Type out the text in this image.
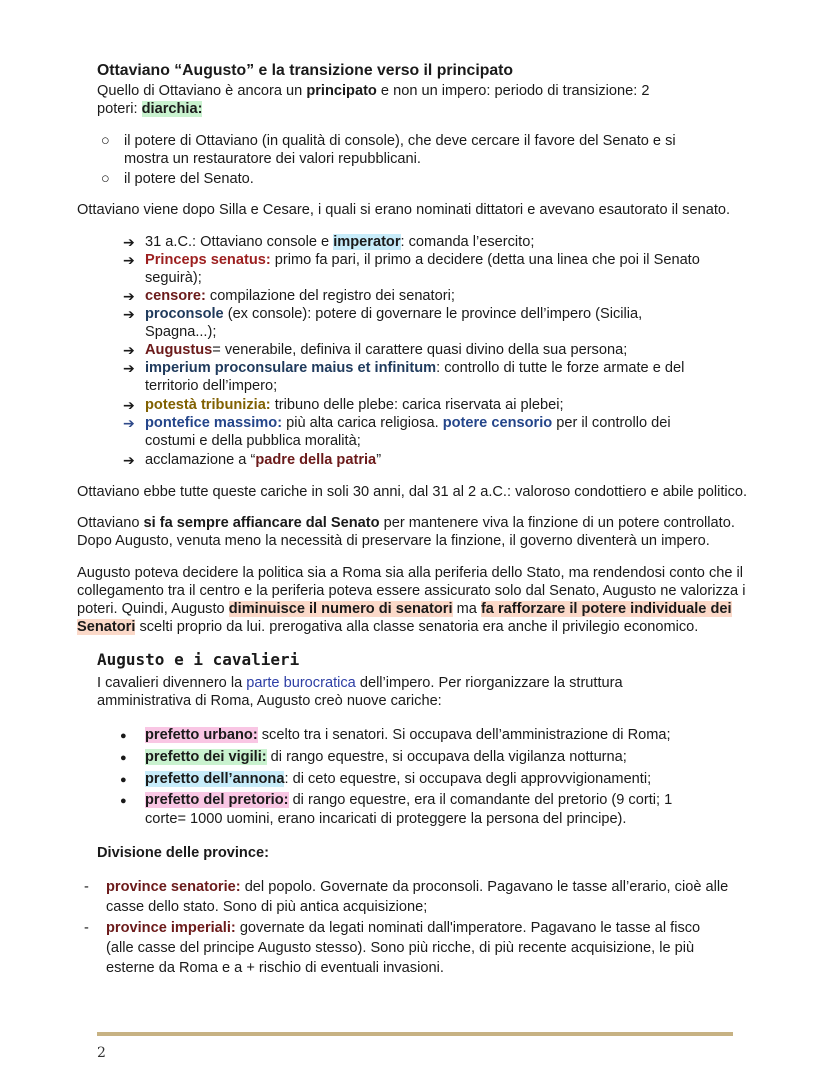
Ottaviano “Augusto” e la transizione verso il principato
Quello di Ottaviano è ancora un principato e non un impero: periodo di transizione: 2
poteri: diarchia:
○ il potere di Ottaviano (in qualità di console), che deve cercare il favore del Senato e si
mostra un restauratore dei valori repubblicani.
○ il potere del Senato.
Ottaviano viene dopo Silla e Cesare, i quali si erano nominati dittatori e avevano esautorato il senato.
➔ 31 a.C.: Ottaviano console e imperator: comanda l’esercito;
➔ Princeps senatus: primo fa pari, il primo a decidere (detta una linea che poi il Senato
seguirà);
➔ censore: compilazione del registro dei senatori;
➔ proconsole (ex console): potere di governare le province dell’impero (Sicilia,
Spagna...);
➔ Augustus= venerabile, definiva il carattere quasi divino della sua persona;
➔ imperium proconsulare maius et infinitum: controllo di tutte le forze armate e del
territorio dell’impero;
➔ potestà tribunizia: tribuno delle plebe: carica riservata ai plebei;
➔ pontefice massimo: più alta carica religiosa. potere censorio per il controllo dei
costumi e della pubblica moralità;
➔ acclamazione a “padre della patria”
Ottaviano ebbe tutte queste cariche in soli 30 anni, dal 31 al 2 a.C.: valoroso condottiero e abile politico.
Ottaviano si fa sempre affiancare dal Senato per mantenere viva la finzione di un potere controllato.
Dopo Augusto, venuta meno la necessità di preservare la finzione, il governo diventerà un impero.
Augusto poteva decidere la politica sia a Roma sia alla periferia dello Stato, ma rendendosi conto che il
collegamento tra il centro e la periferia poteva essere assicurato solo dal Senato, Augusto ne valorizza i
poteri. Quindi, Augusto diminuisce il numero di senatori ma fa rafforzare il potere individuale dei
Senatori scelti proprio da lui. prerogativa alla classe senatoria era anche il privilegio economico.
Augusto e i cavalieri
I cavalieri divennero la parte burocratica dell’impero. Per riorganizzare la struttura
amministrativa di Roma, Augusto creò nuove cariche:
● prefetto urbano: scelto tra i senatori. Si occupava dell’amministrazione di Roma;
● prefetto dei vigili: di rango equestre, si occupava della vigilanza notturna;
● prefetto dell’annona: di ceto equestre, si occupava degli approvvigionamenti;
● prefetto del pretorio: di rango equestre, era il comandante del pretorio (9 corti; 1
corte= 1000 uomini, erano incaricati di proteggere la persona del principe).
Divisione delle province:
- province senatorie: del popolo. Governate da proconsoli. Pagavano le tasse all’erario, cioè alle
casse dello stato. Sono di più antica acquisizione;
- province imperiali: governate da legati nominati dall'imperatore. Pagavano le tasse al fisco
(alle casse del principe Augusto stesso). Sono più ricche, di più recente acquisizione, le più
esterne da Roma e a + rischio di eventuali invasioni.
2
